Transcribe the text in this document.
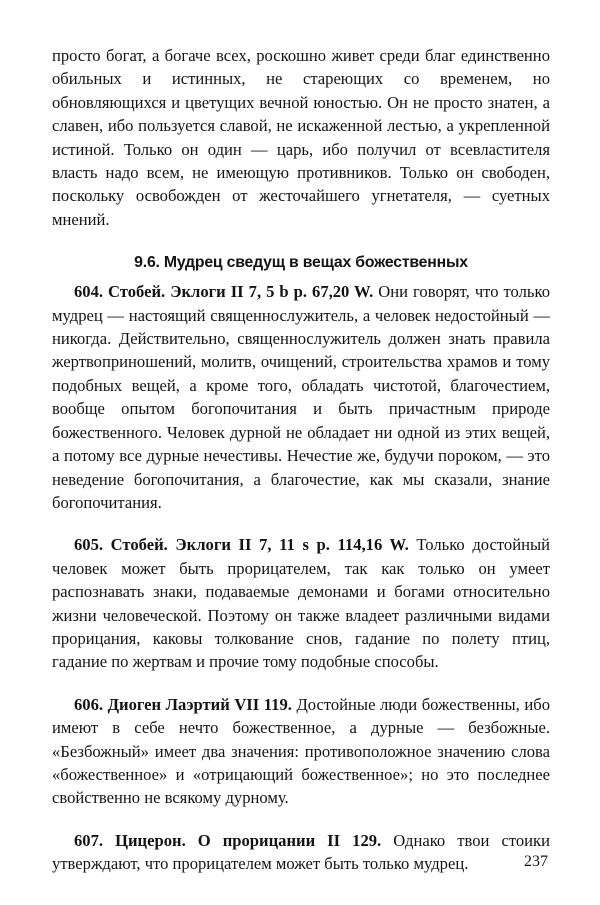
просто богат, а богаче всех, роскошно живет среди благ единственно обильных и истинных, не стареющих со временем, но обновляющихся и цветущих вечной юностью. Он не просто знатен, а славен, ибо пользуется славой, не искаженной лестью, а укрепленной истиной. Только он один — царь, ибо получил от всевластителя власть надо всем, не имеющую противников. Только он свободен, поскольку освобожден от жесточайшего угнетателя, — суетных мнений.

9.6. Мудрец сведущ в вещах божественных

604. Стобей. Эклоги II 7, 5 b p. 67,20 W. Они говорят, что только мудрец — настоящий священнослужитель, а человек недостойный — никогда. Действительно, священнослужитель должен знать правила жертвоприношений, молитв, очищений, строительства храмов и тому подобных вещей, а кроме того, обладать чистотой, благочестием, вообще опытом богопочитания и быть причастным природе божественного. Человек дурной не обладает ни одной из этих вещей, а потому все дурные нечестивы. Нечестие же, будучи пороком, — это неведение богопочитания, а благочестие, как мы сказали, знание богопочитания.

605. Стобей. Эклоги II 7, 11 s p. 114,16 W. Только достойный человек может быть прорицателем, так как только он умеет распознавать знаки, подаваемые демонами и богами относительно жизни человеческой. Поэтому он также владеет различными видами прорицания, каковы толкование снов, гадание по полету птиц, гадание по жертвам и прочие тому подобные способы.

606. Диоген Лаэртий VII 119. Достойные люди божественны, ибо имеют в себе нечто божественное, а дурные — безбожные. «Безбожный» имеет два значения: противоположное значению слова «божественное» и «отрицающий божественное»; но это последнее свойственно не всякому дурному.

607. Цицерон. О прорицании II 129. Однако твои стоики утверждают, что прорицателем может быть только мудрец.	237
